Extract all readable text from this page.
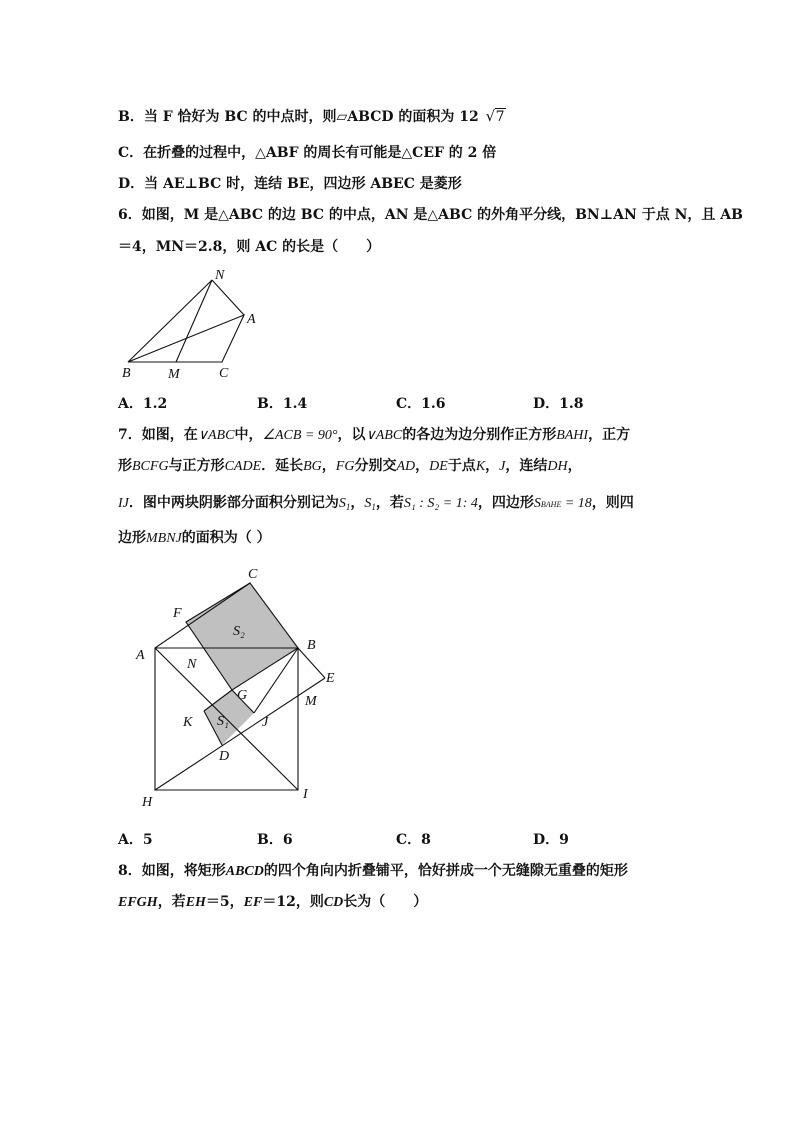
B．当 F 恰好为 BC 的中点时，则▱ABCD 的面积为 12 √ 7
C．在折叠的过程中，△ABF 的周长有可能是△CEF 的 2 倍
D．当 AE⊥BC 时，连结 BE，四边形 ABEC 是菱形
6．如图，M 是△ABC 的边 BC 的中点，AN 是△ABC 的外角平分线，BN⊥AN 于点 N，且 AB
＝4，MN＝2.8，则 AC 的长是（　　）
N
A
B	M	C
A．1.2	B．1.4	C．1.6	D．1.8
7．如图，在∨ABC中，∠ACB = 90°，以∨ABC的各边为边分别作正方形BAHI，正方
形BCFG与正方形CADE．延长BG，FG分别交AD，DE于点K，J，连结DH，
IJ．图中两块阴影部分面积分别记为$S_1$，$S_1$，若S₁ : S₂ = 1: 4，四边形SBAHE = 18，则四
边形MBNJ的面积为（ ）
C
F
S₂
B
A
N
E
G	M
K S₁ J
D
H
I
A．5	B．6	C．8	D．9
8．如图，将矩形ABCD的四个角向内折叠铺平，恰好拼成一个无缝隙无重叠的矩形
EFGH，若EH＝5，EF＝12，则CD长为（　　）
